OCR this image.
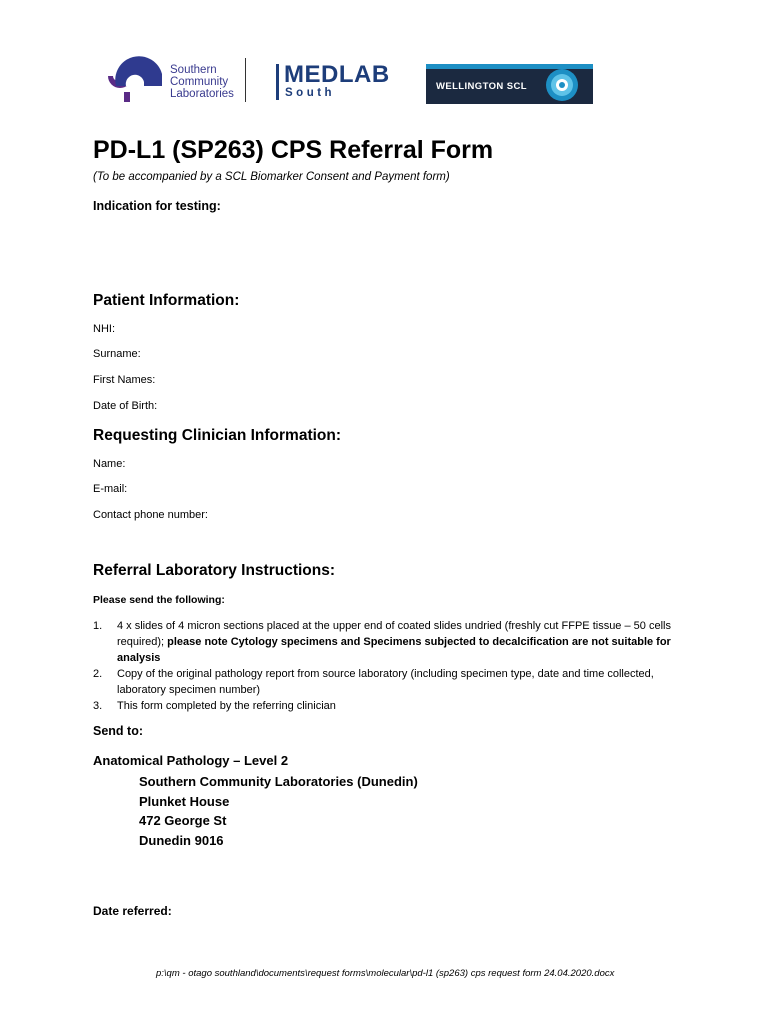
Southern
Community
Laboratories
MEDLAB
South
WELLINGTON SCL
PD-L1 (SP263) CPS Referral Form
(To be accompanied by a SCL Biomarker Consent and Payment form)
Indication for testing:
Patient Information:
NHI:
Surname:
First Names:
Date of Birth:
Requesting Clinician Information:
Name:
E-mail:
Contact phone number:
Referral Laboratory Instructions:
Please send the following:
1. 4 x slides of 4 micron sections placed at the upper end of coated slides undried (freshly cut FFPE tissue – 50 cells required); please note Cytology specimens and Specimens subjected to decalcification are not suitable for analysis
2. Copy of the original pathology report from source laboratory (including specimen type, date and time collected, laboratory specimen number)
3. This form completed by the referring clinician
Send to:
Anatomical Pathology – Level 2
Southern Community Laboratories (Dunedin)
Plunket House
472 George St
Dunedin 9016
Date referred:
p:\qm - otago southland\documents\request forms\molecular\pd-l1 (sp263) cps request form 24.04.2020.docx
